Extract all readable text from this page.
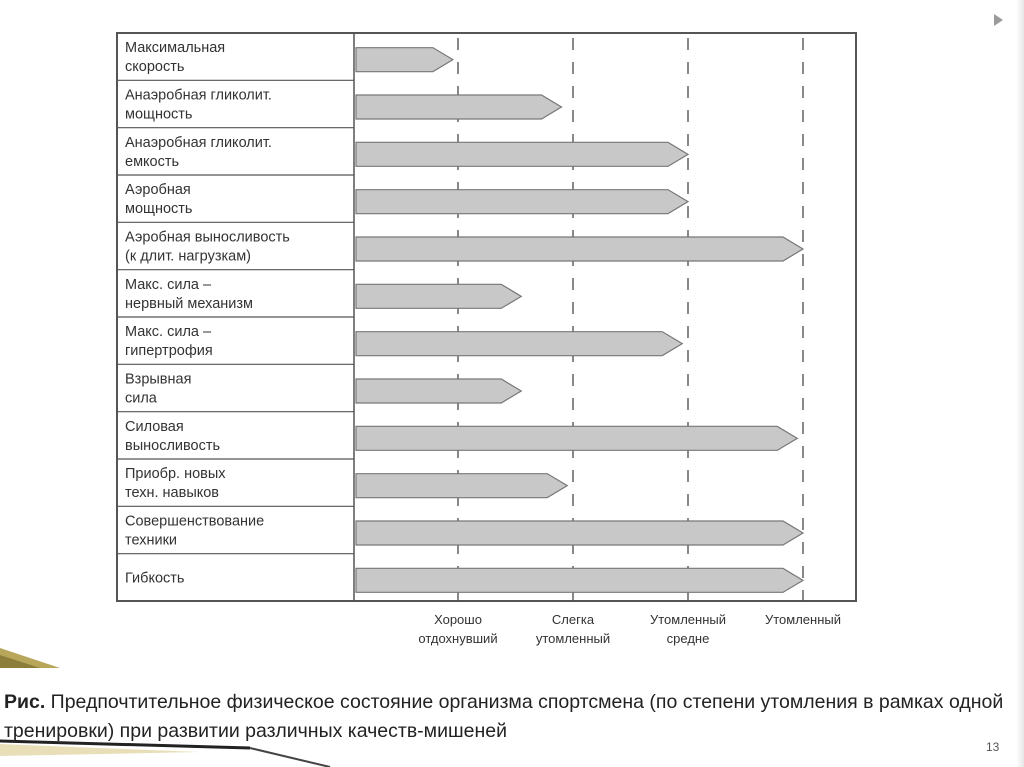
Максимальная
скорость
Анаэробная гликолит.
мощность
Анаэробная гликолит.
емкость
Аэробная
мощность
Аэробная выносливость
(к длит. нагрузкам)
Макс. сила –
нервный механизм
Макс. сила –
гипертрофия
Взрывная
сила
Силовая
выносливость
Приобр. новых
техн. навыков
Совершенствование
техники
Гибкость
Хорошо
отдохнувший
Слегка
утомленный
Утомленный
средне
Утомленный
Рис. Предпочтительное физическое состояние организма спортсмена (по степени утомления в рамках одной тренировки) при развитии различных качеств-мишеней
13
